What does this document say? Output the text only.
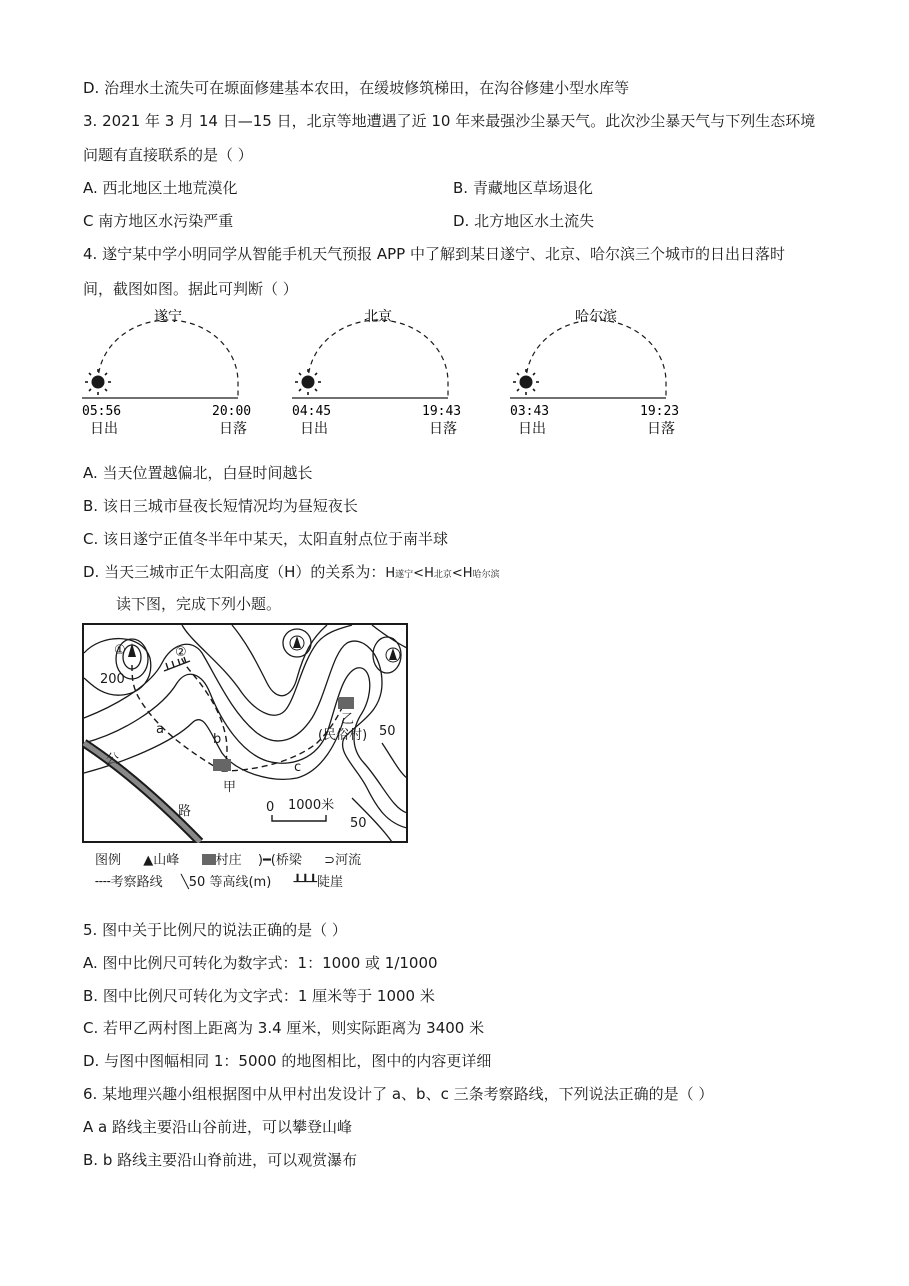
D. 治理水土流失可在塬面修建基本农田，在缓坡修筑梯田，在沟谷修建小型水库等
3. 2021 年 3 月 14 日—15 日，北京等地遭遇了近 10 年来最强沙尘暴天气。此次沙尘暴天气与下列生态环境
问题有直接联系的是（ ）
A. 西北地区土地荒漠化	B. 青藏地区草场退化
C 南方地区水污染严重	D. 北方地区水土流失
4. 遂宁某中学小明同学从智能手机天气预报 APP 中了解到某日遂宁、北京、哈尔滨三个城市的日出日落时
间，截图如图。据此可判断（ ）
遂宁
05:56	20:00
日出	日落
北京
04:45	19:43
日出	日落
哈尔滨
03:43	19:23
日出	日落
A. 当天位置越偏北，白昼时间越长
B. 该日三城市昼夜长短情况均为昼短夜长
C. 该日遂宁正值冬半年中某天，太阳直射点位于南半球
D. 当天三城市正午太阳高度（H）的关系为：H遂宁<H北京<H哈尔滨
读下图，完成下列小题。
①	②
200
50
50
a
b
c
甲
乙
(民俗村)
公
路	0 1000米
图例 ▲山峰	村庄 )━(桥梁 ⊃河流
╌╌考察路线 ╲50 等高线(m) ┸┸┸陡崖
5. 图中关于比例尺的说法正确的是（ ）
A. 图中比例尺可转化为数字式：1：1000 或 1/1000
B. 图中比例尺可转化为文字式：1 厘米等于 1000 米
C. 若甲乙两村图上距离为 3.4 厘米，则实际距离为 3400 米
D. 与图中图幅相同 1：5000 的地图相比，图中的内容更详细
6. 某地理兴趣小组根据图中从甲村出发设计了 a、b、c 三条考察路线，下列说法正确的是（ ）
A a 路线主要沿山谷前进，可以攀登山峰
B. b 路线主要沿山脊前进，可以观赏瀑布
